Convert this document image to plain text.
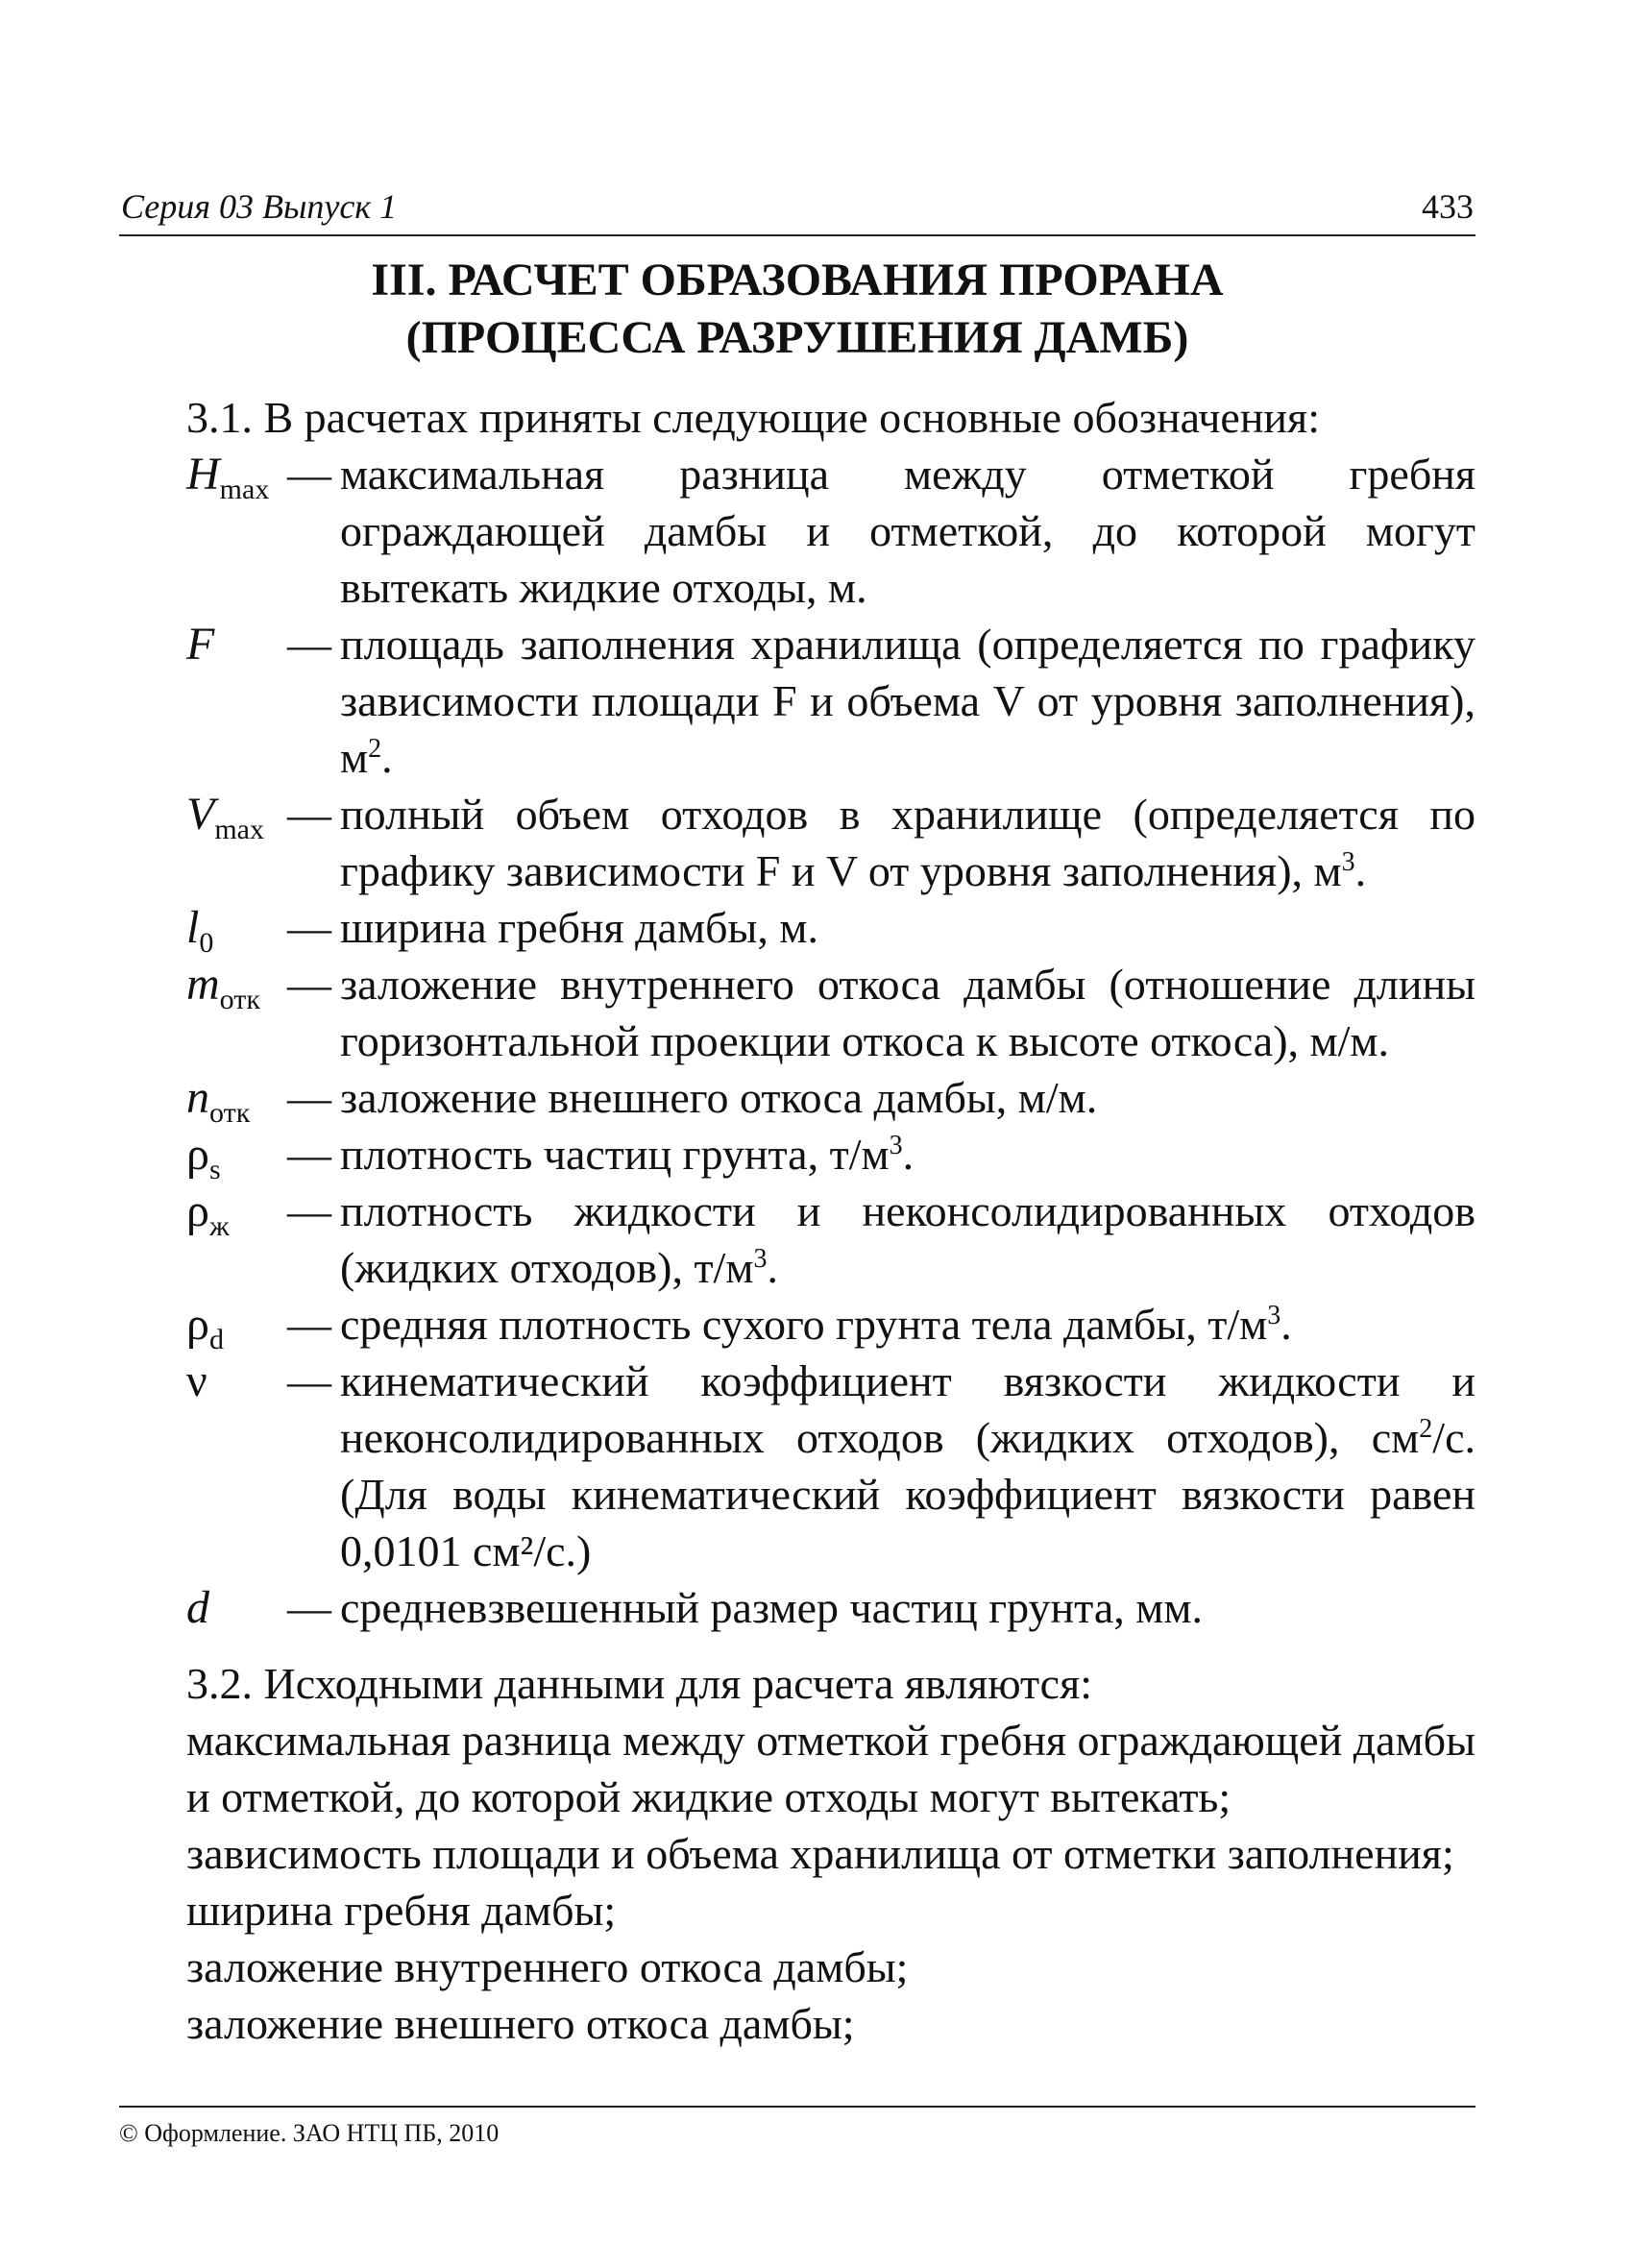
Серия 03 Выпуск 1	433
III. РАСЧЕТ ОБРАЗОВАНИЯ ПРОРАНА
(ПРОЦЕССА РАЗРУШЕНИЯ ДАМБ)

3.1. В расчетах приняты следующие основные обозначения:

$H_{max}$ — максимальная разница между отметкой гребня ограждающей дамбы и отметкой, до которой могут вытекать жидкие отходы, м.
F — площадь заполнения хранилища (определяется по графику зависимости площади F и объема V от уровня заполнения), $м^2$.
$V_{max}$ — полный объем отходов в хранилище (определяется по графику зависимости F и V от уровня заполнения), $м^3$.
$l_0$ — ширина гребня дамбы, м.
$m_{отк}$ — заложение внутреннего откоса дамбы (отношение длины горизонтальной проекции откоса к высоте откоса), м/м.
$n_{отк}$ — заложение внешнего откоса дамбы, м/м.
$\rho_s$ — плотность частиц грунта, $т/м^3$.
$\rho_ж$ — плотность жидкости и неконсолидированных отходов (жидких отходов), $т/м^3$.
$\rho_d$ — средняя плотность сухого грунта тела дамбы, $т/м^3$.
ν — кинематический коэффициент вязкости жидкости и неконсолидированных отходов (жидких отходов), $см^2/с$. (Для воды кинематический коэффициент вязкости равен 0,0101 см²/с.)
d — средневзвешенный размер частиц грунта, мм.

3.2. Исходными данными для расчета являются:

максимальная разница между отметкой гребня ограждающей дамбы и отметкой, до которой жидкие отходы могут вытекать;

зависимость площади и объема хранилища от отметки заполнения;

ширина гребня дамбы;

заложение внутреннего откоса дамбы;

заложение внешнего откоса дамбы;

© Оформление. ЗАО НТЦ ПБ, 2010
